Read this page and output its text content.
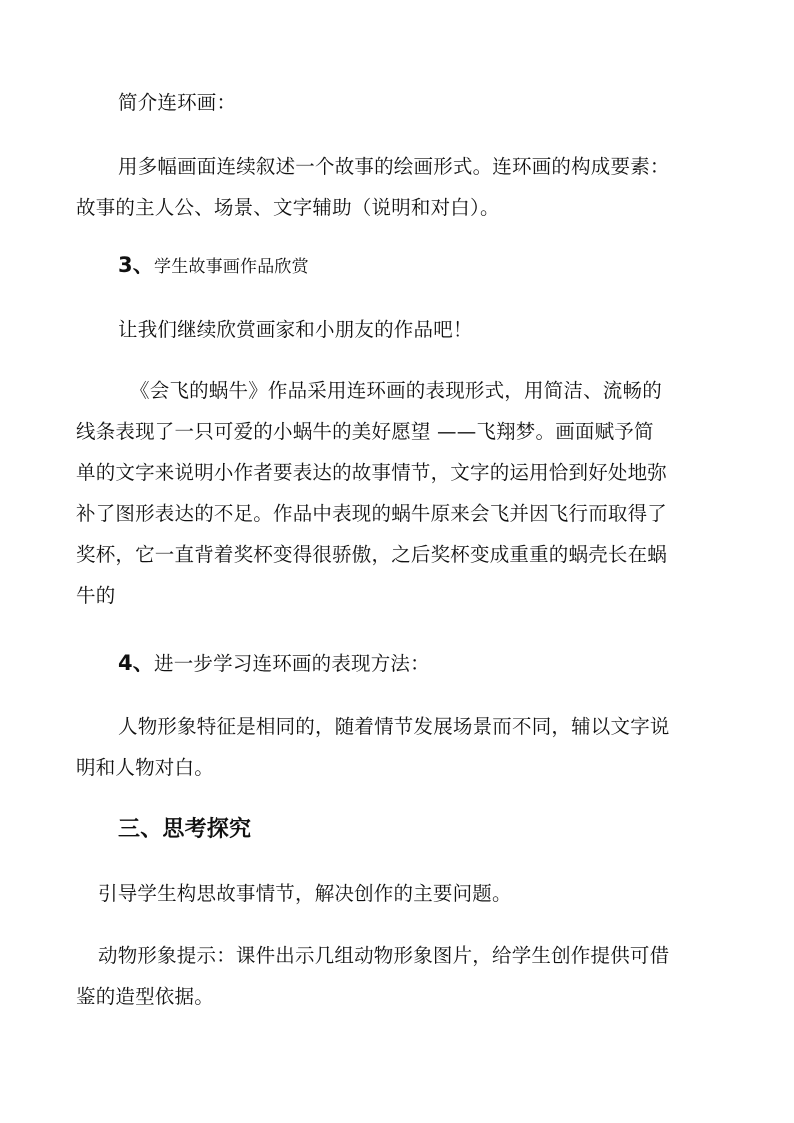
简介连环画：
用多幅画面连续叙述一个故事的绘画形式。连环画的构成要素：
故事的主人公、场景、文字辅助（说明和对白）。
3、学生故事画作品欣赏
让我们继续欣赏画家和小朋友的作品吧！
《会飞的蜗牛》作品采用连环画的表现形式，用简洁、流畅的
线条表现了一只可爱的小蜗牛的美好愿望 ——飞翔梦。画面赋予简
单的文字来说明小作者要表达的故事情节，文字的运用恰到好处地弥
补了图形表达的不足。作品中表现的蜗牛原来会飞并因飞行而取得了
奖杯，它一直背着奖杯变得很骄傲，之后奖杯变成重重的蜗壳长在蜗
牛的
4、进一步学习连环画的表现方法：
人物形象特征是相同的，随着情节发展场景而不同，辅以文字说
明和人物对白。
三、思考探究
引导学生构思故事情节，解决创作的主要问题。
动物形象提示：课件出示几组动物形象图片，给学生创作提供可借
鉴的造型依据。
